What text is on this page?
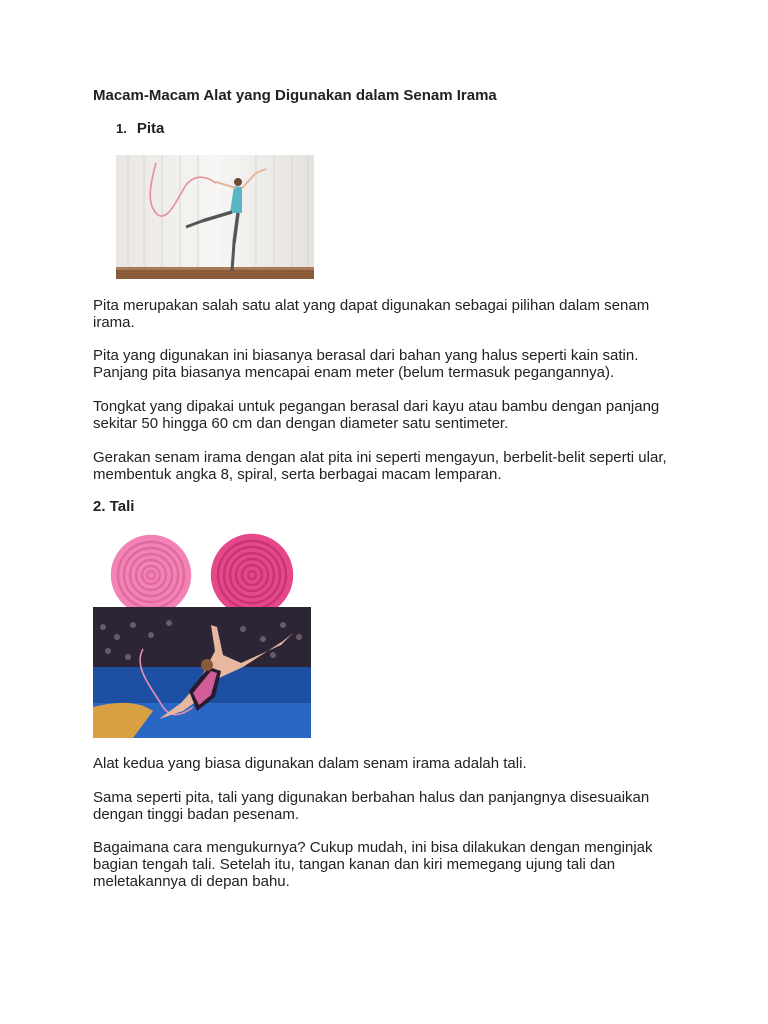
Macam-Macam Alat yang Digunakan dalam Senam Irama
1. Pita

Pita merupakan salah satu alat yang dapat digunakan sebagai pilihan dalam senam irama.

Pita yang digunakan ini biasanya berasal dari bahan yang halus seperti kain satin. Panjang pita biasanya mencapai enam meter (belum termasuk pegangannya).

Tongkat yang dipakai untuk pegangan berasal dari kayu atau bambu dengan panjang sekitar 50 hingga 60 cm dan dengan diameter satu sentimeter.

Gerakan senam irama dengan alat pita ini seperti mengayun, berbelit-belit seperti ular, membentuk angka 8, spiral, serta berbagai macam lemparan.

2. Tali

Alat kedua yang biasa digunakan dalam senam irama adalah tali.

Sama seperti pita, tali yang digunakan berbahan halus dan panjangnya disesuaikan dengan tinggi badan pesenam.

Bagaimana cara mengukurnya? Cukup mudah, ini bisa dilakukan dengan menginjak bagian tengah tali. Setelah itu, tangan kanan dan kiri memegang ujung tali dan meletakannya di depan bahu.
